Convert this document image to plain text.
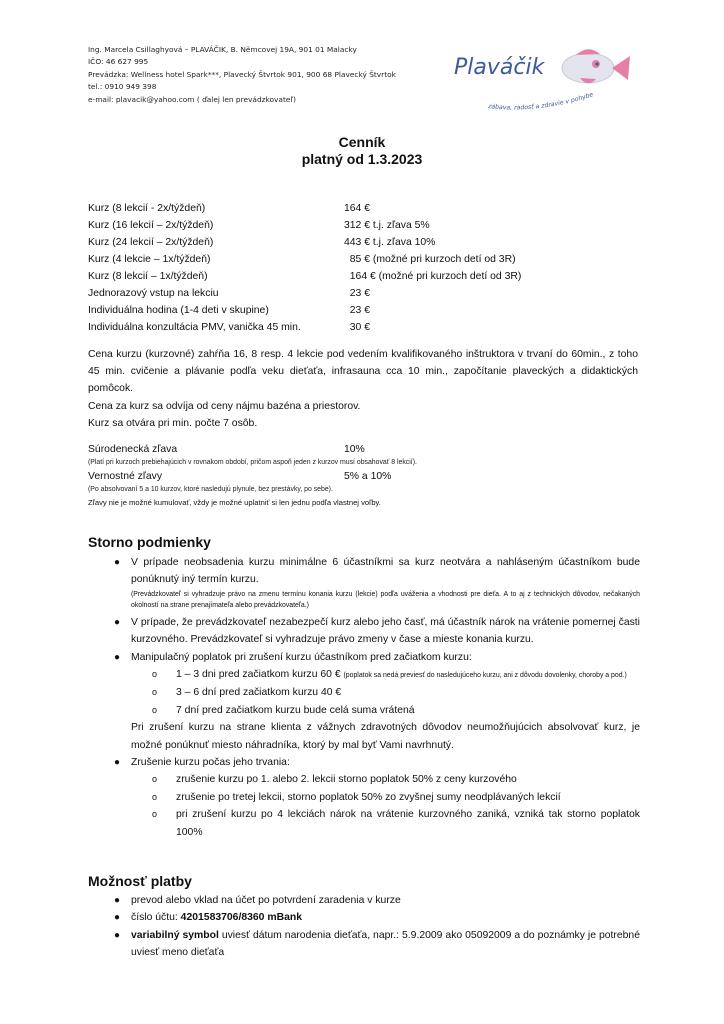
Ing. Marcela Csillaghyová – PLAVÁČIK, B. Němcovej 19A, 901 01 Malacky
IČO: 46 627 995
Prevádzka: Wellness hotel Spark***, Plavecký Štvrtok 901, 900 68 Plavecký Štvrtok
tel.: 0910 949 398
e-mail: plavacik@yahoo.com ( ďalej len prevádzkovateľ)
Plaváčik
zábava, radosť a zdravie v pohybe
Cenník
platný od 1.3.2023
Kurz (8 lekcií - 2x/týždeň)	164 €
Kurz (16 lekcií – 2x/týždeň)	312 € t.j. zľava 5%
Kurz (24 lekcií – 2x/týždeň)	443 € t.j. zľava 10%
Kurz (4 lekcie – 1x/týždeň)	85 € (možné pri kurzoch detí od 3R)
Kurz (8 lekcií – 1x/týždeň)	164 € (možné pri kurzoch detí od 3R)
Jednorazový vstup na lekciu	23 €
Individuálna hodina (1-4 deti v skupine)	23 €
Individuálna konzultácia PMV, vanička 45 min.	30 €

Cena kurzu (kurzovné) zahŕňa 16, 8 resp. 4 lekcie pod vedením kvalifikovaného inštruktora v trvaní do 60min., z toho 45 min. cvičenie a plávanie podľa veku dieťaťa, infrasauna cca 10 min., započítanie plaveckých a didaktických pomôcok.

Cena za kurz sa odvíja od ceny nájmu bazéna a priestorov.

Kurz sa otvára pri min. počte 7 osôb.

Súrodenecká zľava	10%
(Platí pri kurzoch prebiehajúcich v rovnakom období, pričom aspoň jeden z kurzov musí obsahovať 8 lekcií).
Vernostné zľavy	5% a 10%
(Po absolvovaní 5 a 10 kurzov, ktoré nasledujú plynule, bez prestávky, po sebe).
Zľavy nie je možné kumulovať, vždy je možné uplatniť si len jednu podľa vlastnej voľby.
Storno podmienky
● V prípade neobsadenia kurzu minimálne 6 účastníkmi sa kurz neotvára a nahláseným účastníkom bude ponúknutý iný termín kurzu.
(Prevádzkovateľ si vyhradzuje právo na zmenu termínu konania kurzu (lekcie) podľa uváženia a vhodnosti pre dieťa. A to aj z technických dôvodov, nečakaných okolností na strane prenajímateľa alebo prevádzkovateľa.)
● V prípade, že prevádzkovateľ nezabezpečí kurz alebo jeho časť, má účastník nárok na vrátenie pomernej časti kurzovného. Prevádzkovateľ si vyhradzuje právo zmeny v čase a mieste konania kurzu.
● Manipulačný poplatok pri zrušení kurzu účastníkom pred začiatkom kurzu:
o 1 – 3 dni pred začiatkom kurzu 60 € (poplatok sa nedá previesť do nasledujúceho kurzu, ani z dôvodu dovolenky, choroby a pod.)
o 3 – 6 dní pred začiatkom kurzu 40 €
o 7 dní pred začiatkom kurzu bude celá suma vrátená
Pri zrušení kurzu na strane klienta z vážnych zdravotných dôvodov neumožňujúcich absolvovať kurz, je možné ponúknuť miesto náhradníka, ktorý by mal byť Vami navrhnutý.
● Zrušenie kurzu počas jeho trvania:
o zrušenie kurzu po 1. alebo 2. lekcii storno poplatok 50% z ceny kurzového
o zrušenie po tretej lekcii, storno poplatok 50% zo zvyšnej sumy neodplávaných lekcií
o pri zrušení kurzu po 4 lekciách nárok na vrátenie kurzovného zaniká, vzniká tak storno poplatok 100%
Možnosť platby
● prevod alebo vklad na účet po potvrdení zaradenia v kurze
● číslo účtu: 4201583706/8360 mBank
● variabilný symbol uviesť dátum narodenia dieťaťa, napr.: 5.9.2009 ako 05092009 a do poznámky je potrebné uviesť meno dieťaťa
